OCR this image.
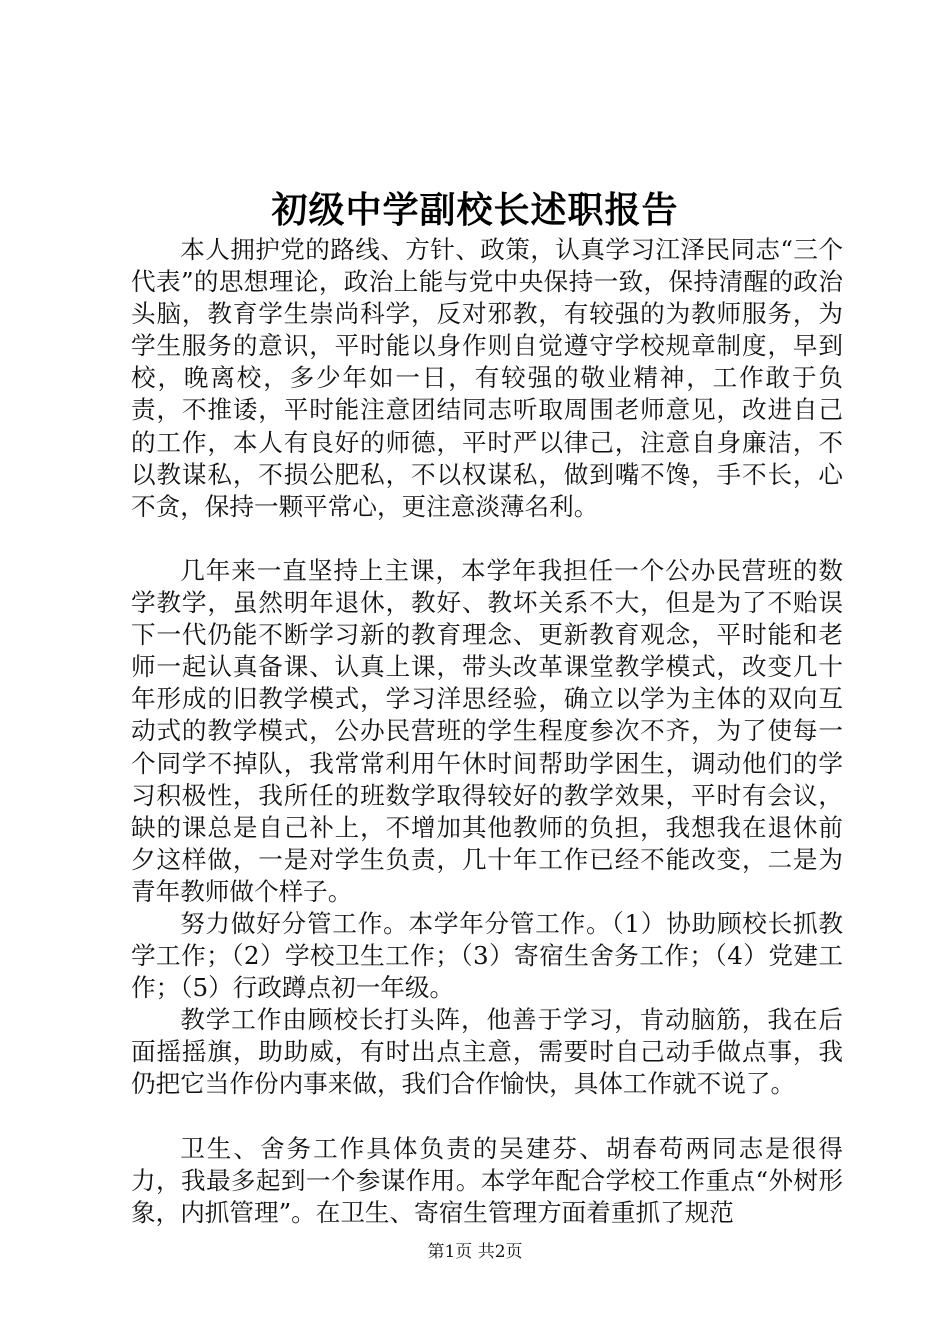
初级中学副校长述职报告

本人拥护党的路线、方针、政策，认真学习江泽民同志“三个代表”的思想理论，政治上能与党中央保持一致，保持清醒的政治头脑，教育学生崇尚科学，反对邪教，有较强的为教师服务，为学生服务的意识，平时能以身作则自觉遵守学校规章制度，早到校，晚离校，多少年如一日，有较强的敬业精神，工作敢于负责，不推诿，平时能注意团结同志听取周围老师意见，改进自己的工作，本人有良好的师德，平时严以律己，注意自身廉洁，不以教谋私，不损公肥私，不以权谋私，做到嘴不馋，手不长，心不贪，保持一颗平常心，更注意淡薄名利。

几年来一直坚持上主课，本学年我担任一个公办民营班的数学教学，虽然明年退休，教好、教坏关系不大，但是为了不贻误下一代仍能不断学习新的教育理念、更新教育观念，平时能和老师一起认真备课、认真上课，带头改革课堂教学模式，改变几十年形成的旧教学模式，学习洋思经验，确立以学为主体的双向互动式的教学模式，公办民营班的学生程度参次不齐，为了使每一个同学不掉队，我常常利用午休时间帮助学困生，调动他们的学习积极性，我所任的班数学取得较好的教学效果，平时有会议，缺的课总是自己补上，不增加其他教师的负担，我想我在退休前夕这样做，一是对学生负责，几十年工作已经不能改变，二是为青年教师做个样子。

努力做好分管工作。本学年分管工作。（1）协助顾校长抓教学工作；（2）学校卫生工作；（3）寄宿生舍务工作；（4）党建工作；（5）行政蹲点初一年级。

教学工作由顾校长打头阵，他善于学习，肯动脑筋，我在后面摇摇旗，助助威，有时出点主意，需要时自己动手做点事，我仍把它当作份内事来做，我们合作愉快，具体工作就不说了。

卫生、舍务工作具体负责的吴建芬、胡春苟两同志是很得力，我最多起到一个参谋作用。本学年配合学校工作重点“外树形象，内抓管理”。在卫生、寄宿生管理方面着重抓了规范

第1页 共2页
